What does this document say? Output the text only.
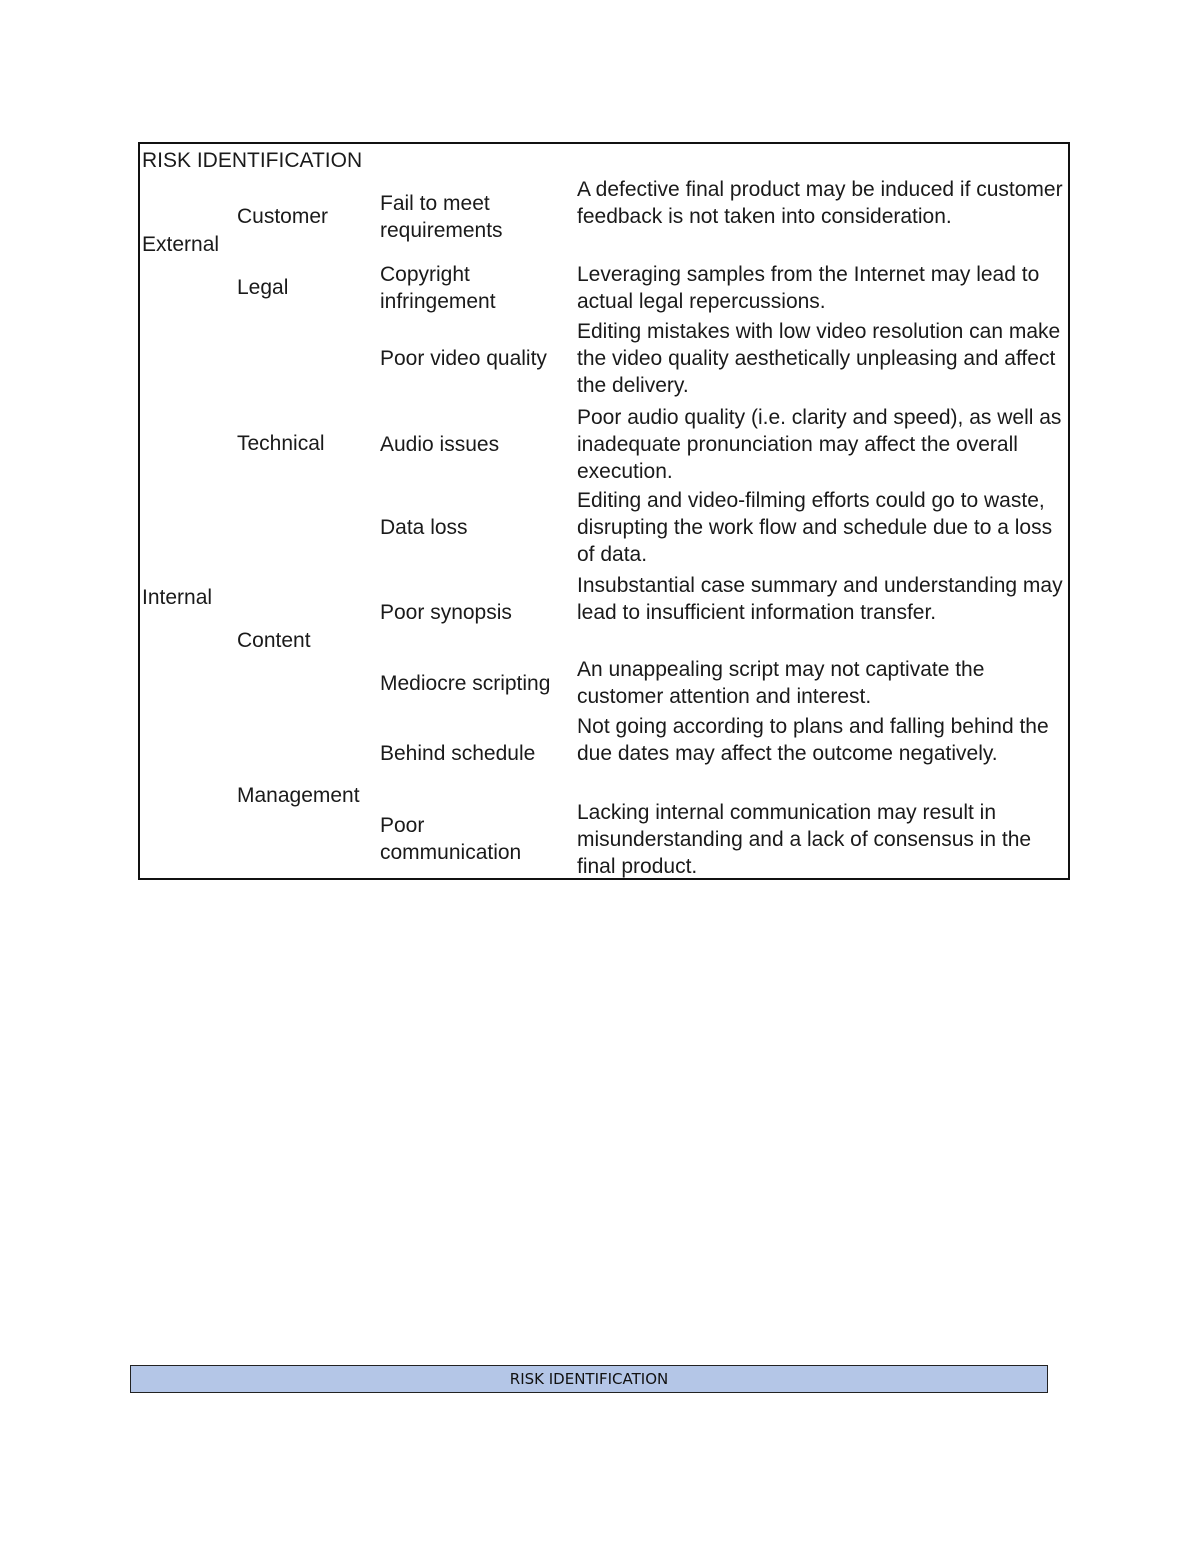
RISK IDENTIFICATION
External
Internal
Customer
Legal
Technical
Content
Management
Fail to meet requirements
A defective final product may be induced if customer feedback is not taken into consideration.
Copyright infringement
Leveraging samples from the Internet may lead to actual legal repercussions.
Poor video quality
Editing mistakes with low video resolution can make the video quality aesthetically unpleasing and affect the delivery.
Audio issues
Poor audio quality (i.e. clarity and speed), as well as inadequate pronunciation may affect the overall execution.
Data loss
Editing and video-filming efforts could go to waste, disrupting the work flow and schedule due to a loss of data.
Poor synopsis
Insubstantial case summary and understanding may lead to insufficient information transfer.
Mediocre scripting
An unappealing script may not captivate the customer attention and interest.
Behind schedule
Not going according to plans and falling behind the due dates may affect the outcome negatively.
Poor communication
Lacking internal communication may result in misunderstanding and a lack of consensus in the final product.
RISK IDENTIFICATION
